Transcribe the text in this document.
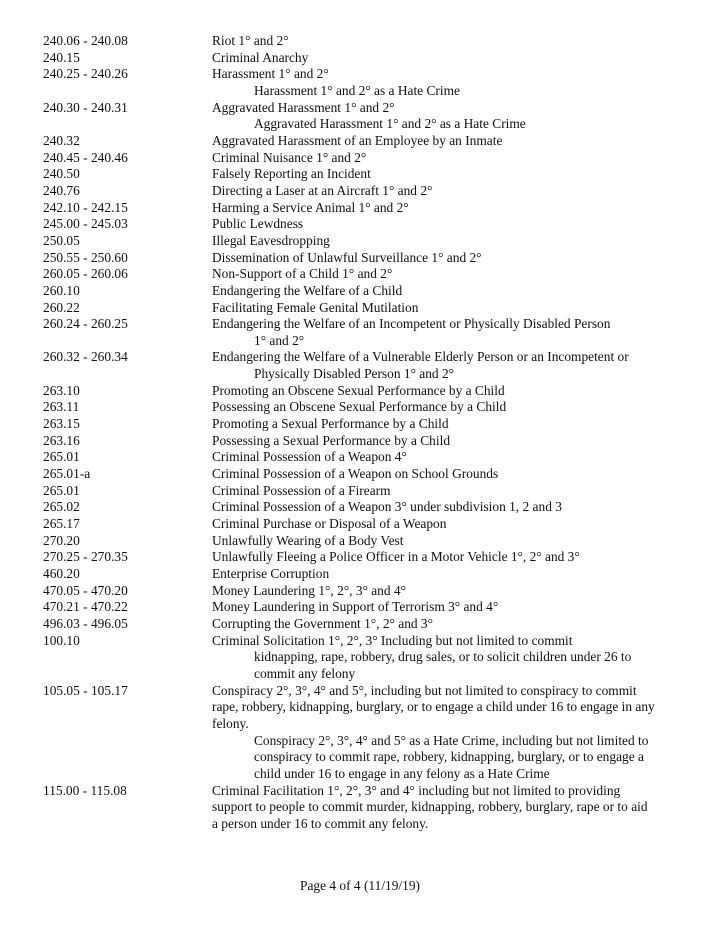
240.06 - 240.08	Riot 1° and 2°
240.15	Criminal Anarchy
240.25 - 240.26	Harassment 1° and 2°
Harassment 1° and 2° as a Hate Crime
240.30 - 240.31	Aggravated Harassment 1° and 2°
Aggravated Harassment 1° and 2° as a Hate Crime
240.32	Aggravated Harassment of an Employee by an Inmate
240.45 - 240.46	Criminal Nuisance 1° and 2°
240.50	Falsely Reporting an Incident
240.76	Directing a Laser at an Aircraft 1° and 2°
242.10 - 242.15	Harming a Service Animal 1° and 2°
245.00 - 245.03	Public Lewdness
250.05	Illegal Eavesdropping
250.55 - 250.60	Dissemination of Unlawful Surveillance 1° and 2°
260.05 - 260.06	Non-Support of a Child 1° and 2°
260.10	Endangering the Welfare of a Child
260.22	Facilitating Female Genital Mutilation
260.24 - 260.25	Endangering the Welfare of an Incompetent or Physically Disabled Person
1° and 2°
260.32 - 260.34	Endangering the Welfare of a Vulnerable Elderly Person or an Incompetent or
Physically Disabled Person 1° and 2°
263.10	Promoting an Obscene Sexual Performance by a Child
263.11	Possessing an Obscene Sexual Performance by a Child
263.15	Promoting a Sexual Performance by a Child
263.16	Possessing a Sexual Performance by a Child
265.01	Criminal Possession of a Weapon 4°
265.01-a	Criminal Possession of a Weapon on School Grounds
265.01	Criminal Possession of a Firearm
265.02	Criminal Possession of a Weapon 3° under subdivision 1, 2 and 3
265.17	Criminal Purchase or Disposal of a Weapon
270.20	Unlawfully Wearing of a Body Vest
270.25 - 270.35	Unlawfully Fleeing a Police Officer in a Motor Vehicle 1°, 2° and 3°
460.20	Enterprise Corruption
470.05 - 470.20	Money Laundering 1°, 2°, 3° and 4°
470.21 - 470.22	Money Laundering in Support of Terrorism 3° and 4°
496.03 - 496.05	Corrupting the Government 1°, 2° and 3°
100.10	Criminal Solicitation 1°, 2°, 3° Including but not limited to commit
kidnapping, rape, robbery, drug sales, or to solicit children under 26 to
commit any felony
105.05 - 105.17	Conspiracy 2°, 3°, 4° and 5°, including but not limited to conspiracy to commit
rape, robbery, kidnapping, burglary, or to engage a child under 16 to engage in any
felony.
Conspiracy 2°, 3°, 4° and 5° as a Hate Crime, including but not limited to
conspiracy to commit rape, robbery, kidnapping, burglary, or to engage a
child under 16 to engage in any felony as a Hate Crime
115.00 - 115.08	Criminal Facilitation 1°, 2°, 3° and 4° including but not limited to providing
support to people to commit murder, kidnapping, robbery, burglary, rape or to aid
a person under 16 to commit any felony.
Page 4 of 4 (11/19/19)
